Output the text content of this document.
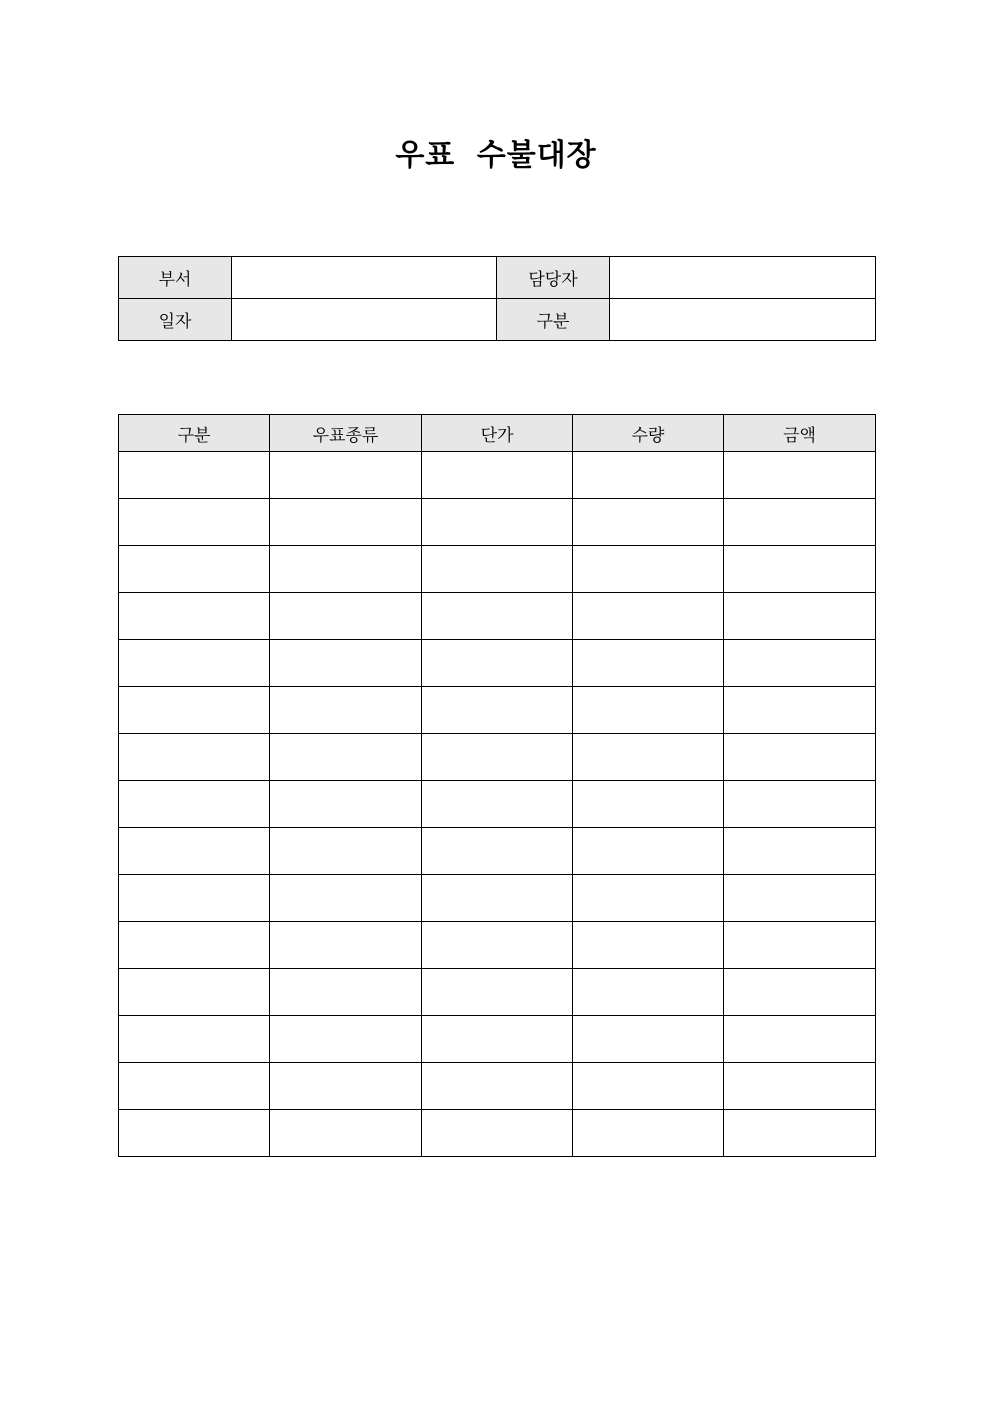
우표 수불대장
부서		담당자	
일자		구분	
구분	우표종류	단가	수량	금액
